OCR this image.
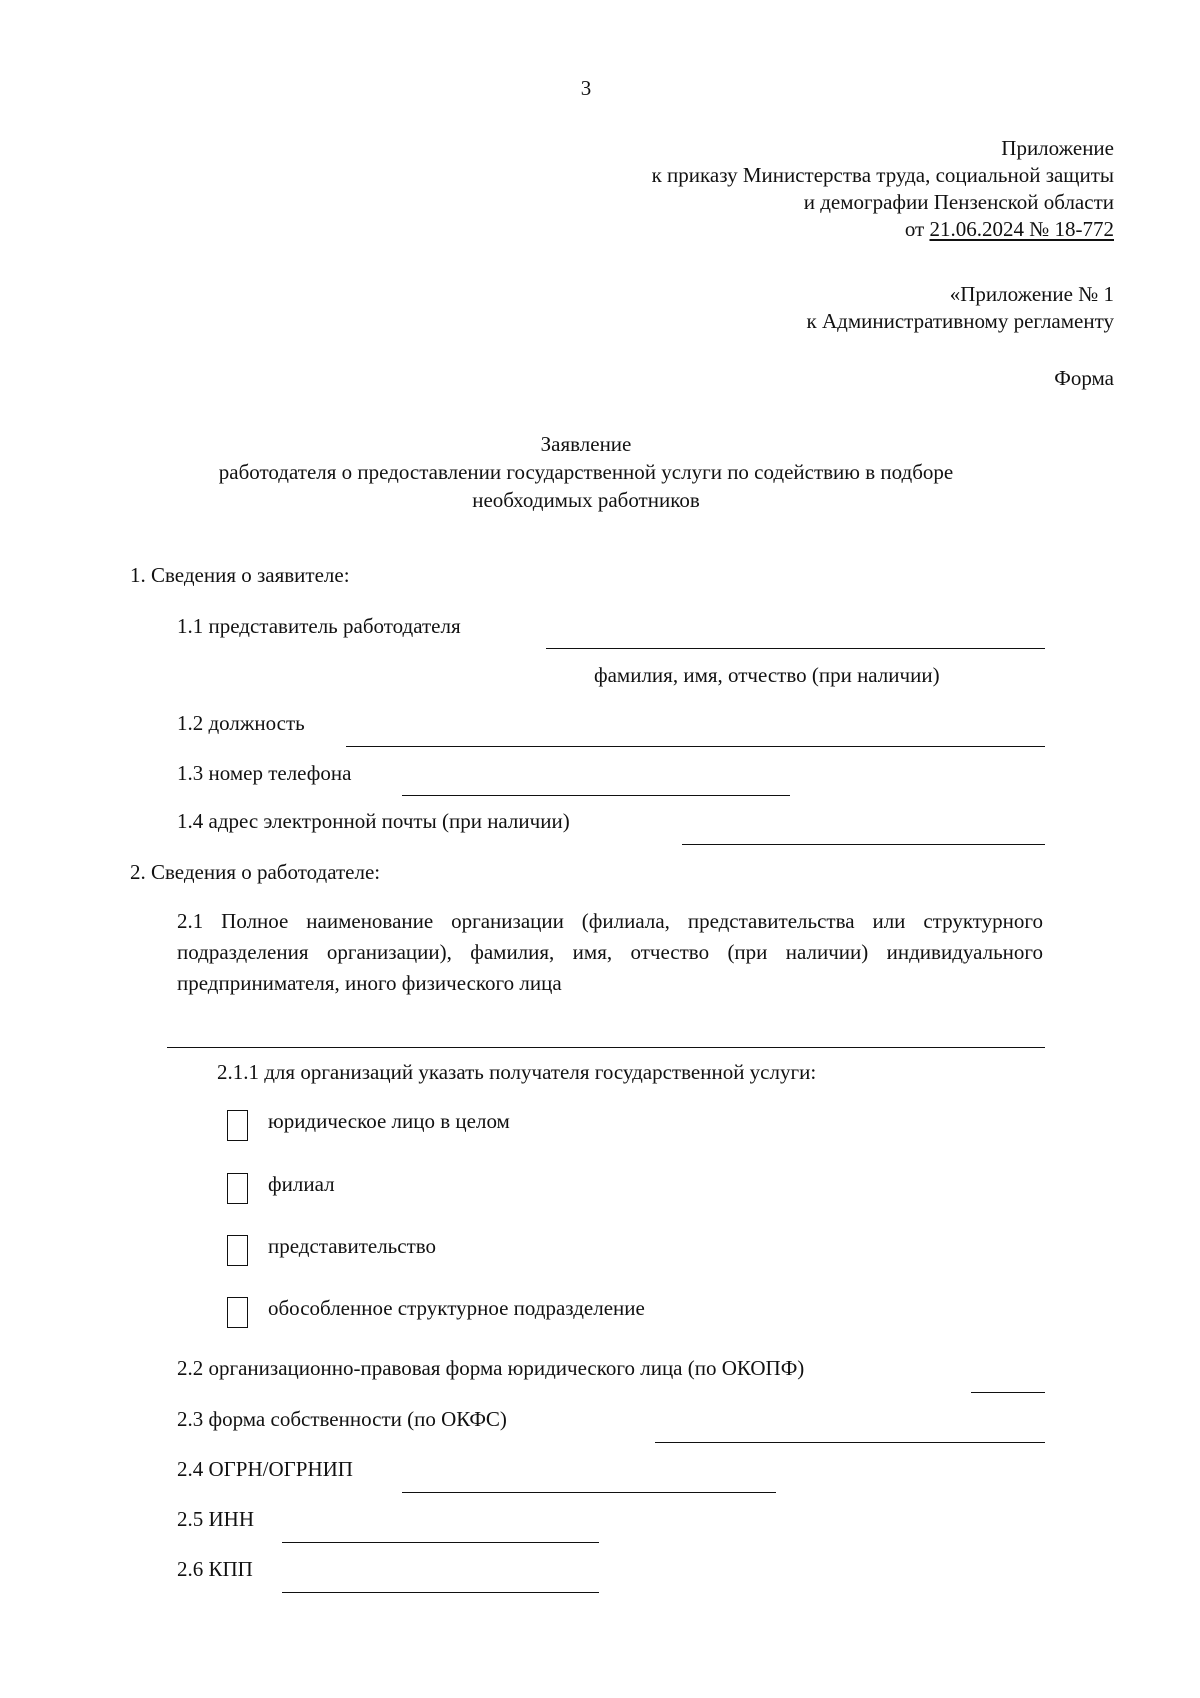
3
Приложение
к приказу Министерства труда, социальной защиты
и демографии Пензенской области
от 21.06.2024 № 18-772
«Приложение № 1
к Административному регламенту
Форма
Заявление
работодателя о предоставлении государственной услуги по содействию в подборе
необходимых работников
1. Сведения о заявителе:
1.1 представитель работодателя
фамилия, имя, отчество (при наличии)
1.2 должность
1.3 номер телефона
1.4 адрес электронной почты (при наличии)
2. Сведения о работодателе:
2.1 Полное наименование организации (филиала, представительства или структурного подразделения организации), фамилия, имя, отчество (при наличии) индивидуального предпринимателя, иного физического лица
2.1.1 для организаций указать получателя государственной услуги:
юридическое лицо в целом
филиал
представительство
обособленное структурное подразделение
2.2 организационно-правовая форма юридического лица (по ОКОПФ)
2.3 форма собственности (по ОКФС)
2.4 ОГРН/ОГРНИП
2.5 ИНН
2.6 КПП
